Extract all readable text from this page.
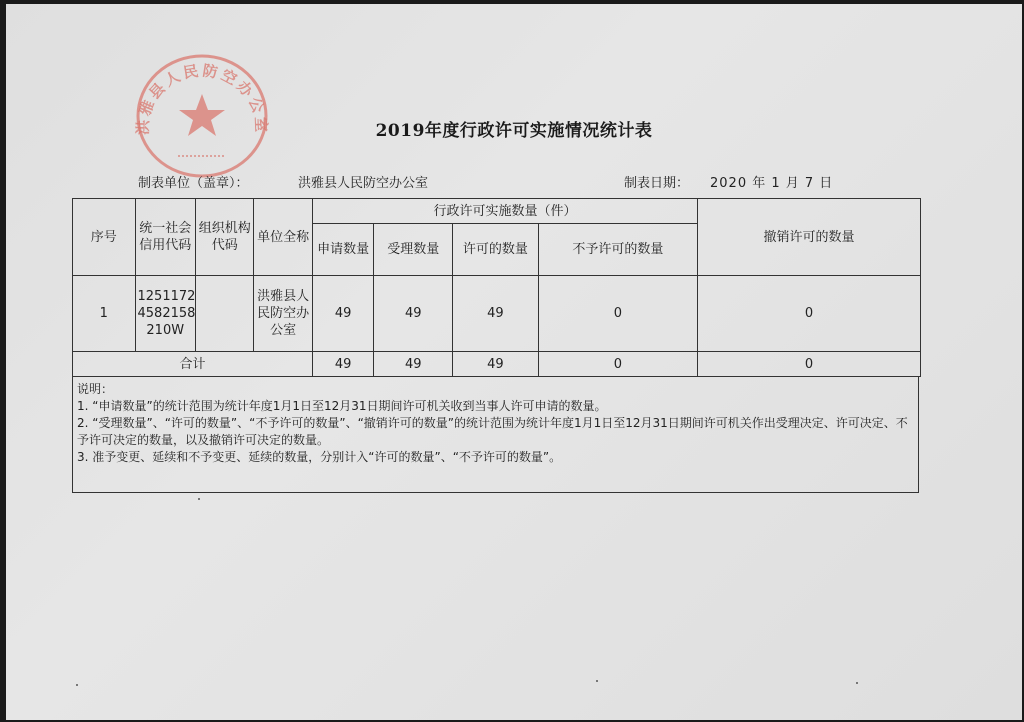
洪雅县人民防空办公室	2019年度行政许可实施情况统计表
制表单位（盖章）：	洪雅县人民防空办公室	制表日期： 2020 年 1 月 7 日
序号	统一社会信用代码	组织机构代码	单位全称	行政许可实施数量（件）				撤销许可的数量
				申请数量	受理数量	许可的数量	不予许可的数量	
1	1251172 4582158 210W		洪雅县人民防空办公室	49	49	49	0	0
合计				49	49	49	0	0
说明：
1. “申请数量”的统计范围为统计年度1月1日至12月31日期间许可机关收到当事人许可申请的数量。
2. “受理数量”、“许可的数量”、“不予许可的数量”、“撤销许可的数量”的统计范围为统计年度1月1日至12月31日期间许可机关作出受理决定、许可决定、不予许可决定的数量，以及撤销许可决定的数量。
3. 准予变更、延续和不予变更、延续的数量，分别计入“许可的数量”、“不予许可的数量”。
